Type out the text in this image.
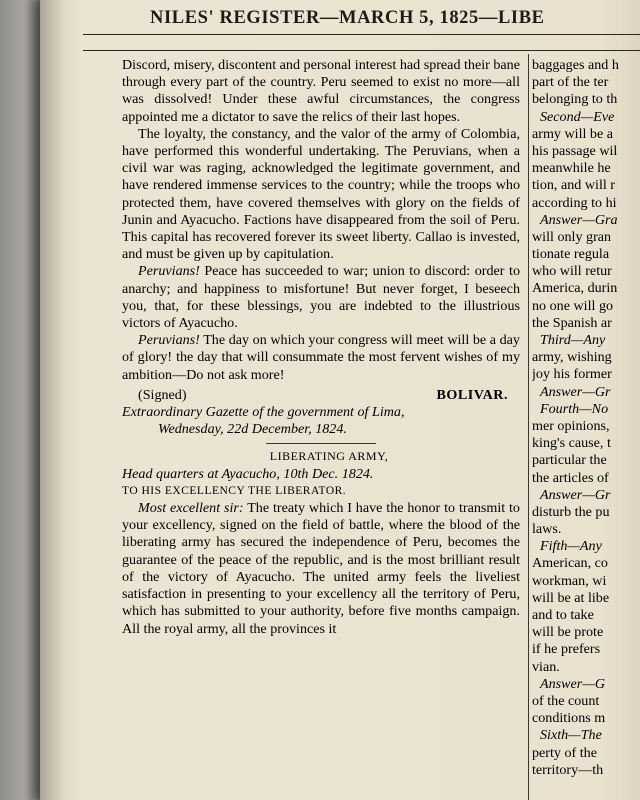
NILES' REGISTER—MARCH 5, 1825—LIBE

Discord, misery, discontent and personal interest had spread their bane through every part of the country. Peru seemed to exist no more—all was dissolved! Under these awful circumstances, the congress appointed me a dictator to save the relics of their last hopes.

The loyalty, the constancy, and the valor of the army of Colombia, have performed this wonderful undertaking. The Peruvians, when a civil war was raging, acknowledged the legitimate government, and have rendered immense services to the country; while the troops who protected them, have covered themselves with glory on the fields of Junin and Ayacucho. Factions have disappeared from the soil of Peru. This capital has recovered forever its sweet liberty. Callao is invested, and must be given up by capitulation.

Peruvians! Peace has succeeded to war; union to discord: order to anarchy; and happiness to misfortune! But never forget, I beseech you, that, for these blessings, you are indebted to the illustrious victors of Ayacucho.

Peruvians! The day on which your congress will meet will be a day of glory! the day that will consummate the most fervent wishes of my ambition—Do not ask more!

(Signed)	BOLIVAR.

Extraordinary Gazette of the government of Lima,

Wednesday, 22d December, 1824.

LIBERATING ARMY,

Head quarters at Ayacucho, 10th Dec. 1824.

TO HIS EXCELLENCY THE LIBERATOR.

Most excellent sir: The treaty which I have the honor to transmit to your excellency, signed on the field of battle, where the blood of the liberating army has secured the independence of Peru, becomes the guarantee of the peace of the republic, and is the most brilliant result of the victory of Ayacucho. The united army feels the liveliest satisfaction in presenting to your excellency all the territory of Peru, which has submitted to your authority, before five months campaign. All the royal army, all the provinces it

baggages and h
part of the ter
belonging to th
Second—Eve
army will be a
his passage wil
meanwhile he
tion, and will r
according to hi
Answer—Gra
will only gran
tionate regula
who will retur
America, durin
no one will go
the Spanish ar
Third—Any
army, wishing
joy his former
Answer—Gr
Fourth—No
mer opinions,
king's cause, t
particular the
the articles of
Answer—Gr
disturb the pu
laws.
Fifth—Any
American, co
workman, wi
will be at libe
and to take
will be prote
if he prefers
vian.
Answer—G
of the count
conditions m
Sixth—The
perty of the
territory—th
